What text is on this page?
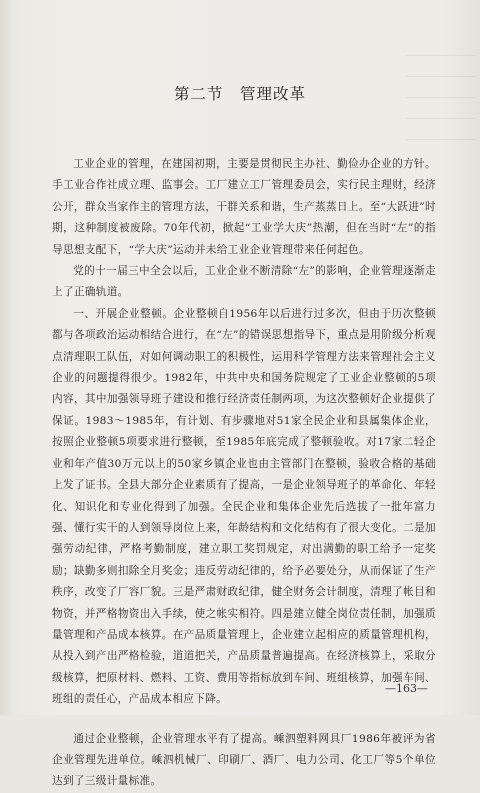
第二节　管理改革

工业企业的管理，在建国初期，主要是贯彻民主办社、勤俭办企业的方针。手工业合作社成立理、监事会。工厂建立工厂管理委员会，实行民主理财，经济公开，群众当家作主的管理方法，干群关系和谐，生产蒸蒸日上。至“大跃进”时期，这种制度被废除。70年代初，掀起“工业学大庆”热潮，但在当时“左”的指导思想支配下，“学大庆”运动并未给工业企业管理带来任何起色。

党的十一届三中全会以后，工业企业不断清除“左”的影响，企业管理逐渐走上了正确轨道。

一、开展企业整顿。企业整顿自1956年以后进行过多次，但由于历次整顿都与各项政治运动相结合进行，在“左”的错误思想指导下，重点是用阶级分析观点清理职工队伍，对如何调动职工的积极性，运用科学管理方法来管理社会主义企业的问题提得很少。1982年，中共中央和国务院规定了工业企业整顿的5项内容，其中加强领导班子建设和推行经济责任制两项，为这次整顿好企业提供了保证。1983～1985年，有计划、有步骤地对51家全民企业和县属集体企业，按照企业整顿5项要求进行整顿，至1985年底完成了整顿验收。对17家二轻企业和年产值30万元以上的50家乡镇企业也由主管部门在整顿，验收合格的基础上发了证书。全县大部分企业素质有了提高，一是企业领导班子的革命化、年轻化、知识化和专业化得到了加强。全民企业和集体企业先后选拔了一批年富力强、懂行实干的人到领导岗位上来，年龄结构和文化结构有了很大变化。二是加强劳动纪律，严格考勤制度，建立职工奖罚规定，对出满勤的职工给予一定奖励；缺勤多则扣除全月奖金；违反劳动纪律的，给予必要处分，从而保证了生产秩序，改变了厂容厂貌。三是严肃财政纪律，健全财务会计制度，清理了帐目和物资，并严格物资出入手续，使之帐实相符。四是建立健全岗位责任制，加强质量管理和产品成本核算。在产品质量管理上，企业建立起相应的质量管理机构，从投入到产出严格检验，道道把关，产品质量普遍提高。在经济核算上，采取分级核算，把原材料、燃料、工资、费用等指标放到车间、班组核算，加强车间、班组的责任心，产品成本相应下降。

通过企业整顿，企业管理水平有了提高。嵊泗塑料网具厂1986年被评为省企业管理先进单位。嵊泗机械厂、印刷厂、酒厂、电力公司、化工厂等5个单位达到了三级计量标准。

—163—
